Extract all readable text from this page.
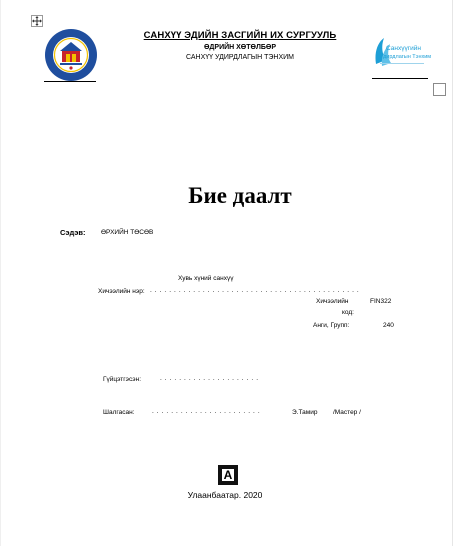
САНХҮҮ ЭДИЙН ЗАСГИЙН ИХ СУРГУУЛЬ
ӨДРИЙН ХӨТӨЛБӨР
САНХҮҮ УДИРДЛАГЫН ТЭНХИМ
Санхүүгийн
Удирдлагын Тэнхим
Бие даалт
Сэдэв: ӨРХИЙН ТӨСӨВ
Хувь хүний санхүү
Хичээлийн нэр: . . . . . . . . . . . . . . . . . . . . . . . . . . . . . . . . . . . . . . . . . . . .
Хичээлийн	FIN322
код:
Анги, Групп:	240
Гүйцэтгэсэн:	. . . . . . . . . . . . . . . . . . . . .
Шалгасан:	. . . . . . . . . . . . . . . . . . . . . . .	Э.Тамир /Мастер /
A
Улаанбаатар. 2020
